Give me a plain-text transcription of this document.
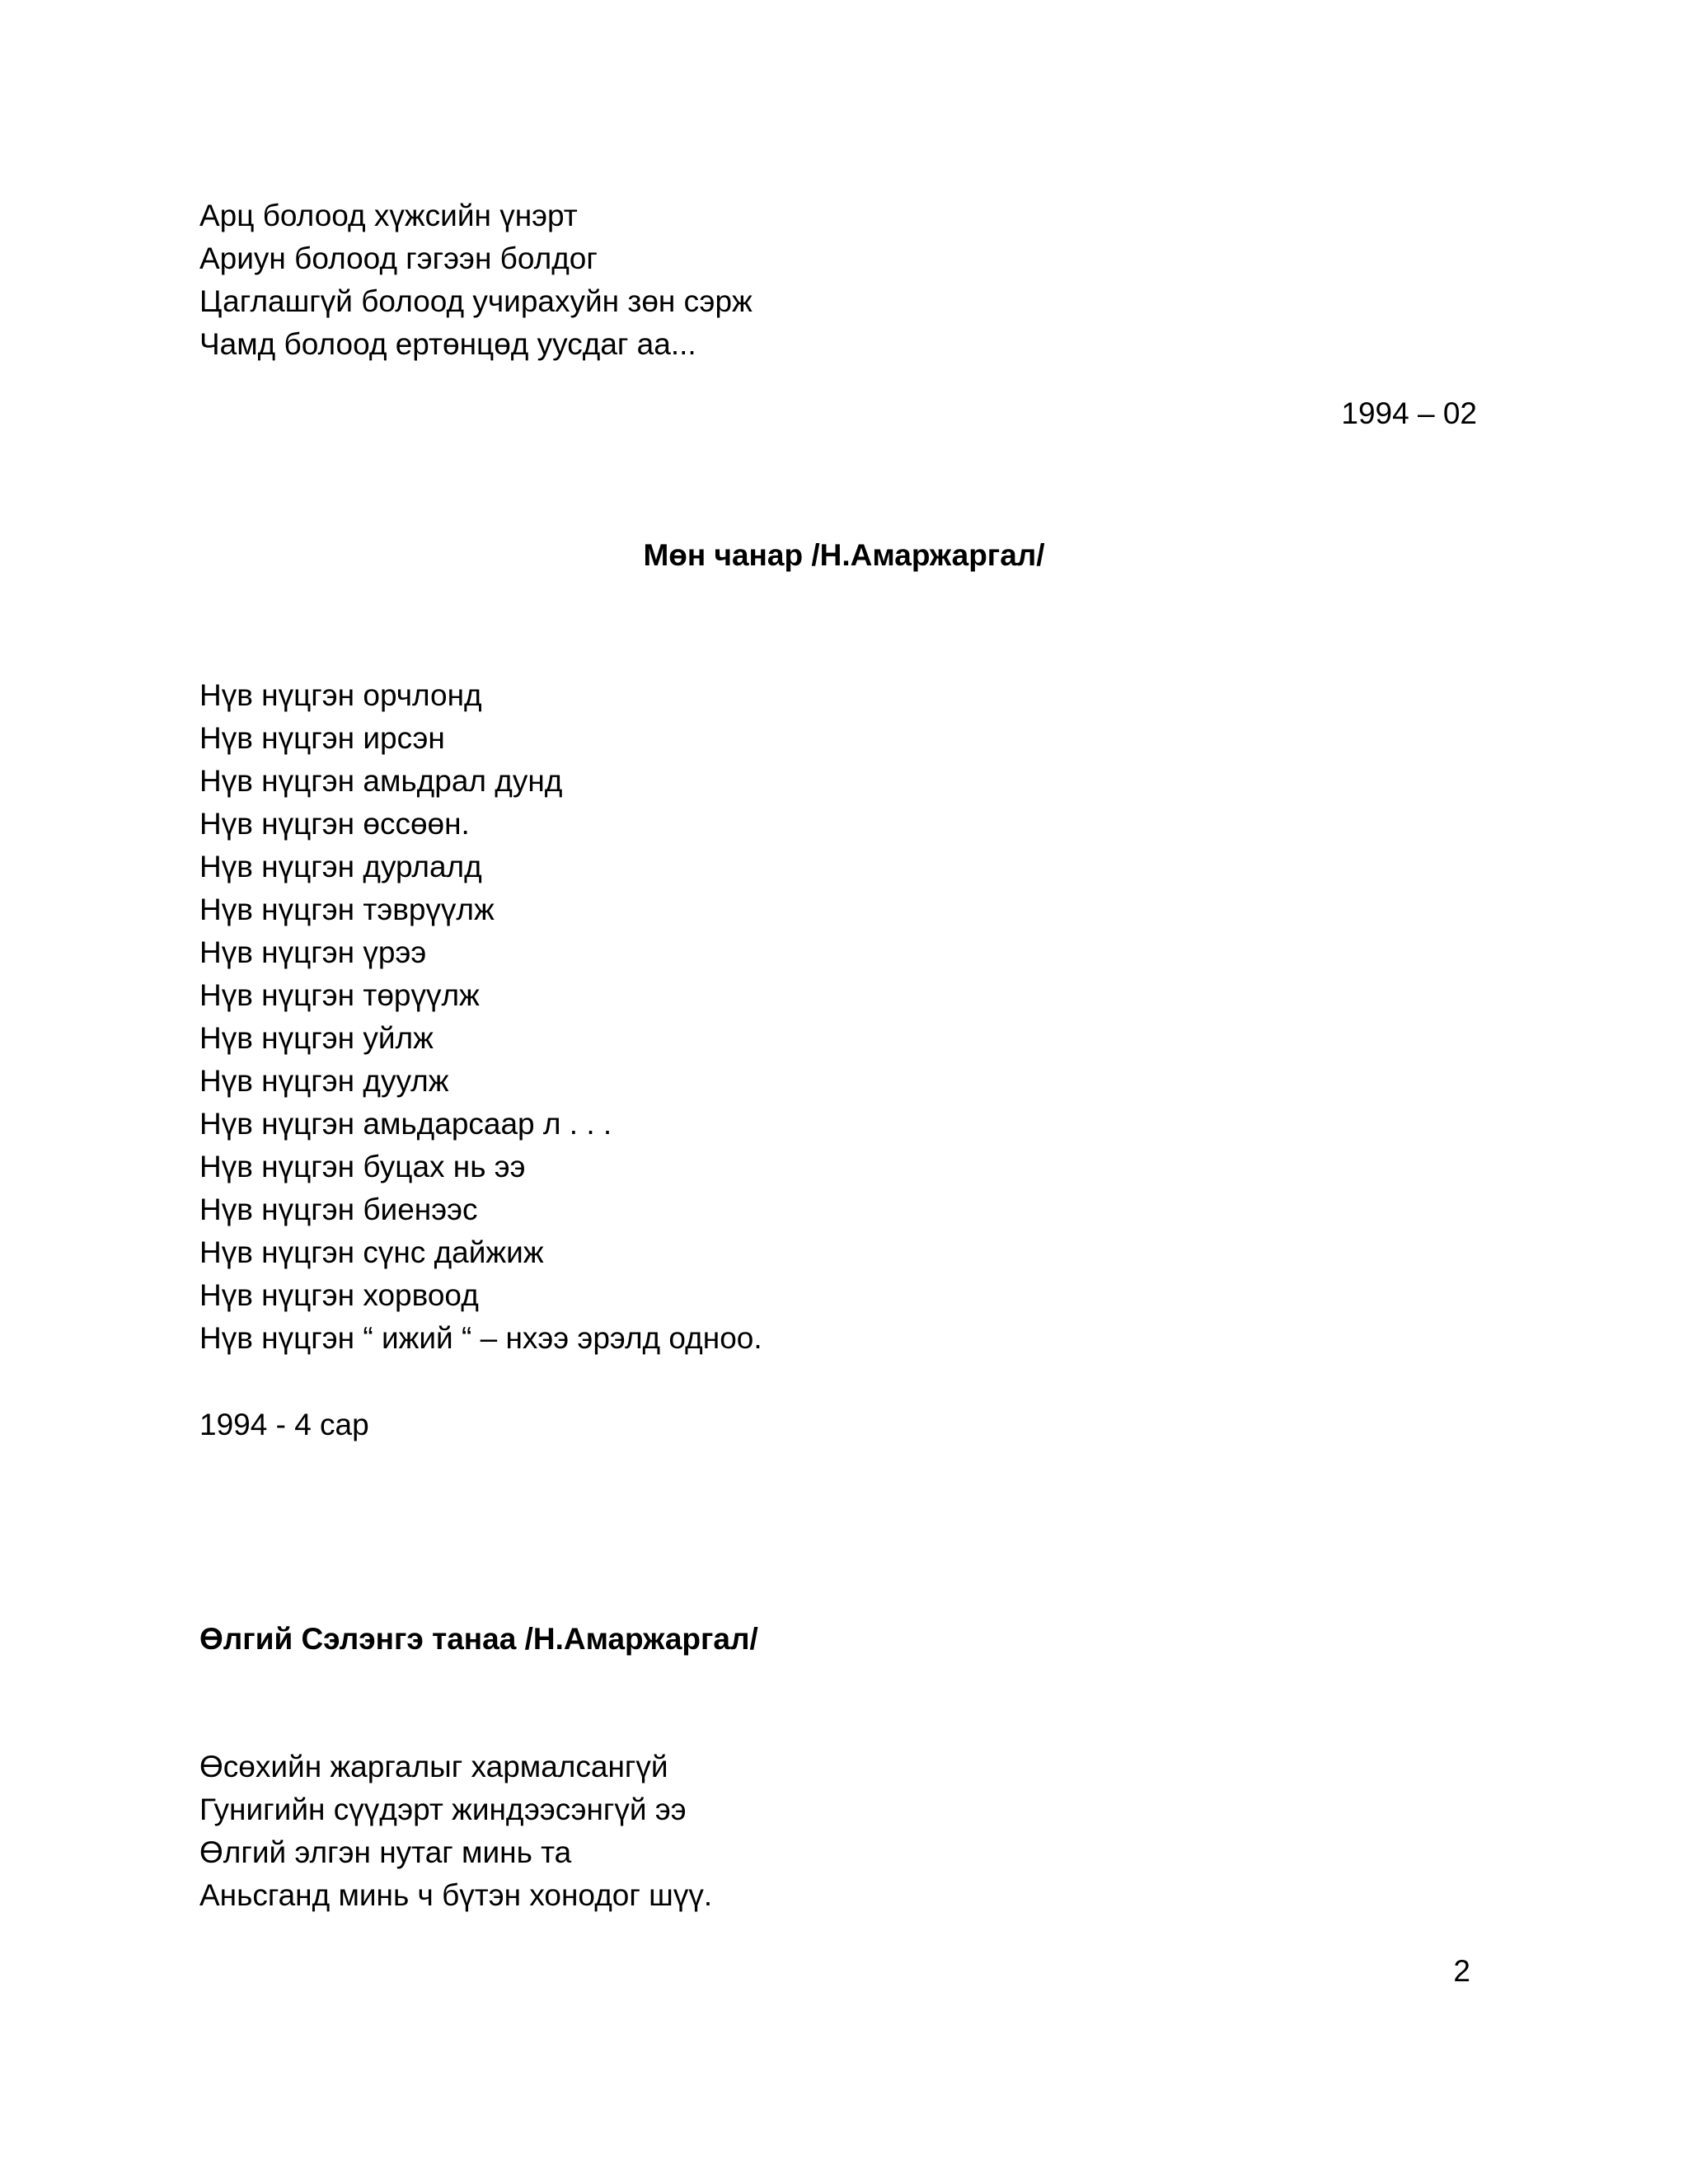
Арц болоод хүжсийн үнэрт
Ариун болоод гэгээн болдог
Цаглашгүй болоод учирахуйн зөн сэрж
Чамд болоод ертөнцөд уусдаг аа...
1994 – 02
Мөн чанар /Н.Амаржаргал/
Нүв нүцгэн орчлонд
Нүв нүцгэн ирсэн
Нүв нүцгэн амьдрал дунд
Нүв нүцгэн өссөөн.
Нүв нүцгэн дурлалд
Нүв нүцгэн тэврүүлж
Нүв нүцгэн үрээ
Нүв нүцгэн төрүүлж
Нүв нүцгэн уйлж
Нүв нүцгэн дуулж
Нүв нүцгэн амьдарсаар л . . .
Нүв нүцгэн буцах нь ээ
Нүв нүцгэн биенээс
Нүв нүцгэн сүнс дайжиж
Нүв нүцгэн хорвоод
Нүв нүцгэн “ ижий “ – нхээ эрэлд одноо.
1994 - 4 сар
Өлгий Сэлэнгэ танаа /Н.Амаржаргал/
Өсөхийн жаргалыг хармалсангүй
Гунигийн сүүдэрт жиндээсэнгүй ээ
Өлгий элгэн нутаг минь та
Аньсганд минь ч бүтэн хонодог шүү.
2
